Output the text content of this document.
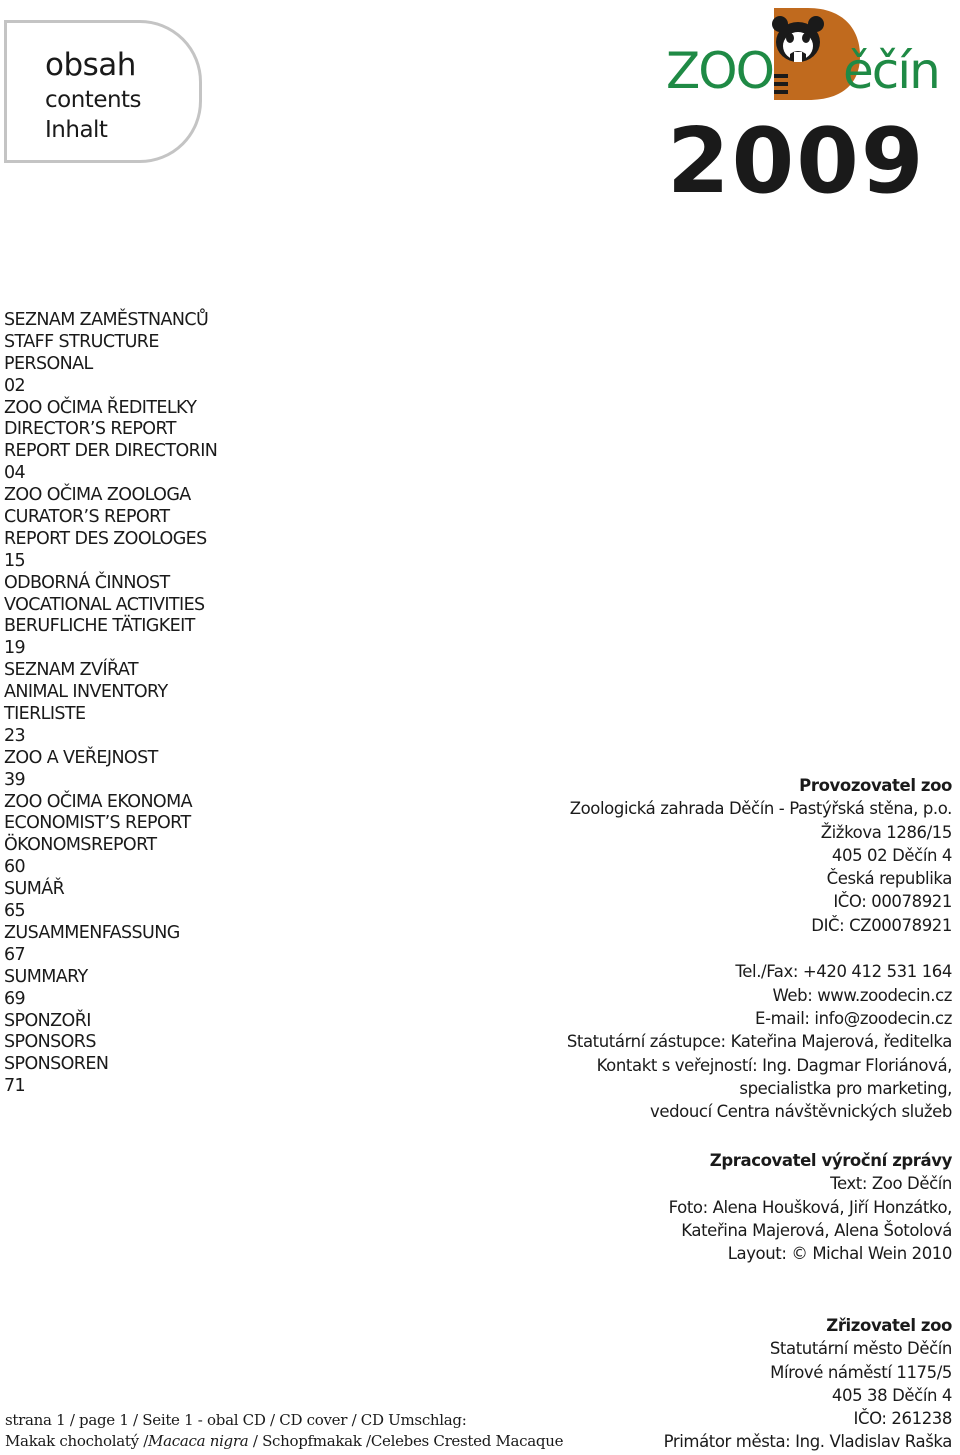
obsah
contents
Inhalt
ZOO ěčín
2009
SEZNAM ZAMĚSTNANCŮ
STAFF STRUCTURE
PERSONAL
02
ZOO OČIMA ŘEDITELKY
DIRECTOR’S REPORT
REPORT DER DIRECTORIN
04
ZOO OČIMA ZOOLOGA
CURATOR’S REPORT
REPORT DES ZOOLOGES
15
ODBORNÁ ČINNOST
VOCATIONAL ACTIVITIES
BERUFLICHE TÄTIGKEIT
19
SEZNAM ZVÍŘAT
ANIMAL INVENTORY
TIERLISTE
23
ZOO A VEŘEJNOST
39
ZOO OČIMA EKONOMA
ECONOMIST’S REPORT
ÖKONOMSREPORT
60
SUMÁŘ
65
ZUSAMMENFASSUNG
67
SUMMARY
69
SPONZOŘI
SPONSORS
SPONSOREN
71
Provozovatel zoo
Zoologická zahrada Děčín - Pastýřská stěna, p.o.
Žižkova 1286/15
405 02 Děčín 4
Česká republika
IČO: 00078921
DIČ: CZ00078921
Tel./Fax: +420 412 531 164
Web: www.zoodecin.cz
E-mail: info@zoodecin.cz
Statutární zástupce: Kateřina Majerová, ředitelka
Kontakt s veřejností: Ing. Dagmar Floriánová,
specialistka pro marketing,
vedoucí Centra návštěvnických služeb
Zpracovatel výroční zprávy
Text: Zoo Děčín
Foto: Alena Houšková, Jiří Honzátko,
Kateřina Majerová, Alena Šotolová
Layout: © Michal Wein 2010
Zřizovatel zoo
Statutární město Děčín
Mírové náměstí 1175/5
405 38 Děčín 4
IČO: 261238
Primátor města: Ing. Vladislav Raška
strana 1 / page 1 / Seite 1 - obal CD / CD cover / CD Umschlag:
Makak chocholatý /Macaca nigra / Schopfmakak /Celebes Crested Macaque
